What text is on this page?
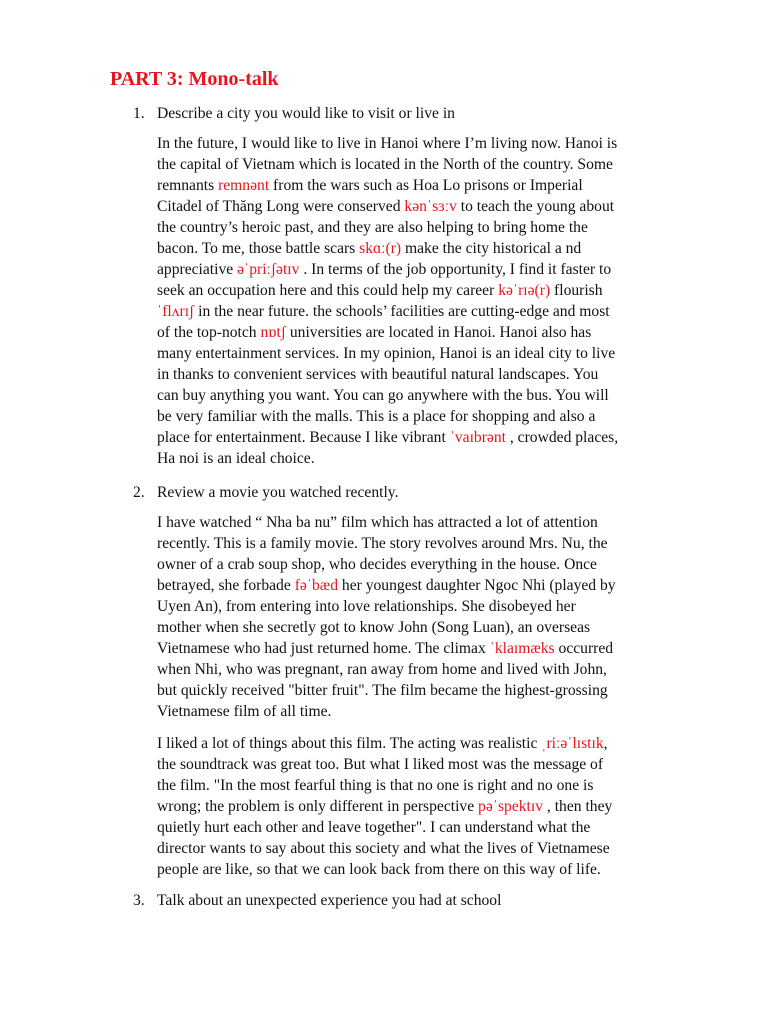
PART 3: Mono-talk
1. Describe a city you would like to visit or live in
In the future, I would like to live in Hanoi where I’m living now. Hanoi is
the capital of Vietnam which is located in the North of the country. Some
remnants remnənt from the wars such as Hoa Lo prisons or Imperial
Citadel of Thăng Long were conserved kənˈsɜːv to teach the young about
the country’s heroic past, and they are also helping to bring home the
bacon. To me, those battle scars skɑː(r) make the city historical a nd
appreciative əˈpriːʃətɪv . In terms of the job opportunity, I find it faster to
seek an occupation here and this could help my career kəˈrɪə(r) flourish
ˈflʌrɪʃ in the near future. the schools’ facilities are cutting-edge and most
of the top-notch nɒtʃ universities are located in Hanoi. Hanoi also has
many entertainment services. In my opinion, Hanoi is an ideal city to live
in thanks to convenient services with beautiful natural landscapes. You
can buy anything you want. You can go anywhere with the bus. You will
be very familiar with the malls. This is a place for shopping and also a
place for entertainment. Because I like vibrant ˈvaɪbrənt , crowded places,
Ha noi is an ideal choice.
2. Review a movie you watched recently.
I have watched “ Nha ba nu” film which has attracted a lot of attention
recently. This is a family movie. The story revolves around Mrs. Nu, the
owner of a crab soup shop, who decides everything in the house. Once
betrayed, she forbade fəˈbæd her youngest daughter Ngoc Nhi (played by
Uyen An), from entering into love relationships. She disobeyed her
mother when she secretly got to know John (Song Luan), an overseas
Vietnamese who had just returned home. The climax ˈklaɪmæks occurred
when Nhi, who was pregnant, ran away from home and lived with John,
but quickly received "bitter fruit". The film became the highest-grossing
Vietnamese film of all time.
I liked a lot of things about this film. The acting was realistic ˌriːəˈlɪstɪk,
the soundtrack was great too. But what I liked most was the message of
the film. "In the most fearful thing is that no one is right and no one is
wrong; the problem is only different in perspective pəˈspektɪv , then they
quietly hurt each other and leave together". I can understand what the
director wants to say about this society and what the lives of Vietnamese
people are like, so that we can look back from there on this way of life.
3. Talk about an unexpected experience you had at school
